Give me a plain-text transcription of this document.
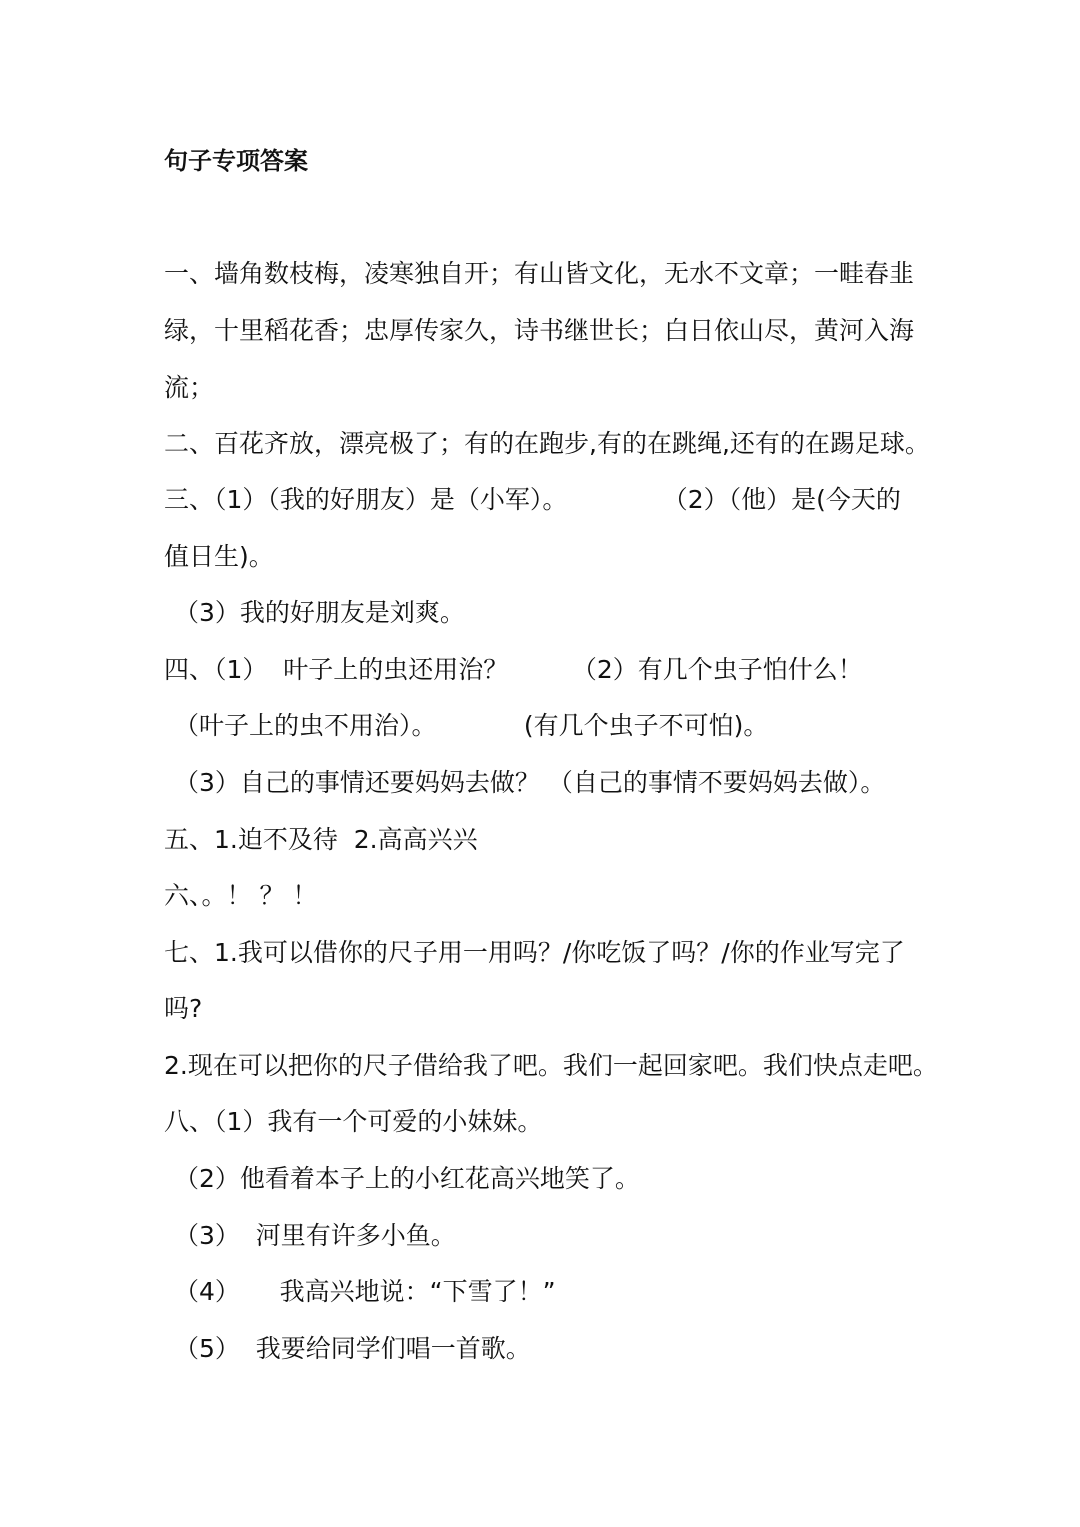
句子专项答案
一、墙角数枝梅，凌寒独自开；有山皆文化，无水不文章；一畦春韭
绿，十里稻花香；忠厚传家久，诗书继世长；白日依山尽，黄河入海
流；
二、百花齐放，漂亮极了；有的在跑步,有的在跳绳,还有的在踢足球。
三、（1）（我的好朋友）是（小军）。            （2）（他）是(今天的
值日生)。
（3）我的好朋友是刘爽。
四、（1）  叶子上的虫还用治？        （2）有几个虫子怕什么！
（叶子上的虫不用治）。           (有几个虫子不可怕)。
（3）自己的事情还要妈妈去做？ （自己的事情不要妈妈去做）。
五、1.迫不及待  2.高高兴兴
六、。！ ？ ！
七、1.我可以借你的尺子用一用吗？/你吃饭了吗？/你的作业写完了
吗?
2.现在可以把你的尺子借给我了吧。我们一起回家吧。我们快点走吧。
八、（1）我有一个可爱的小妹妹。
（2）他看着本子上的小红花高兴地笑了。
（3）  河里有许多小鱼。
（4）     我高兴地说：“下雪了！”
（5）  我要给同学们唱一首歌。
